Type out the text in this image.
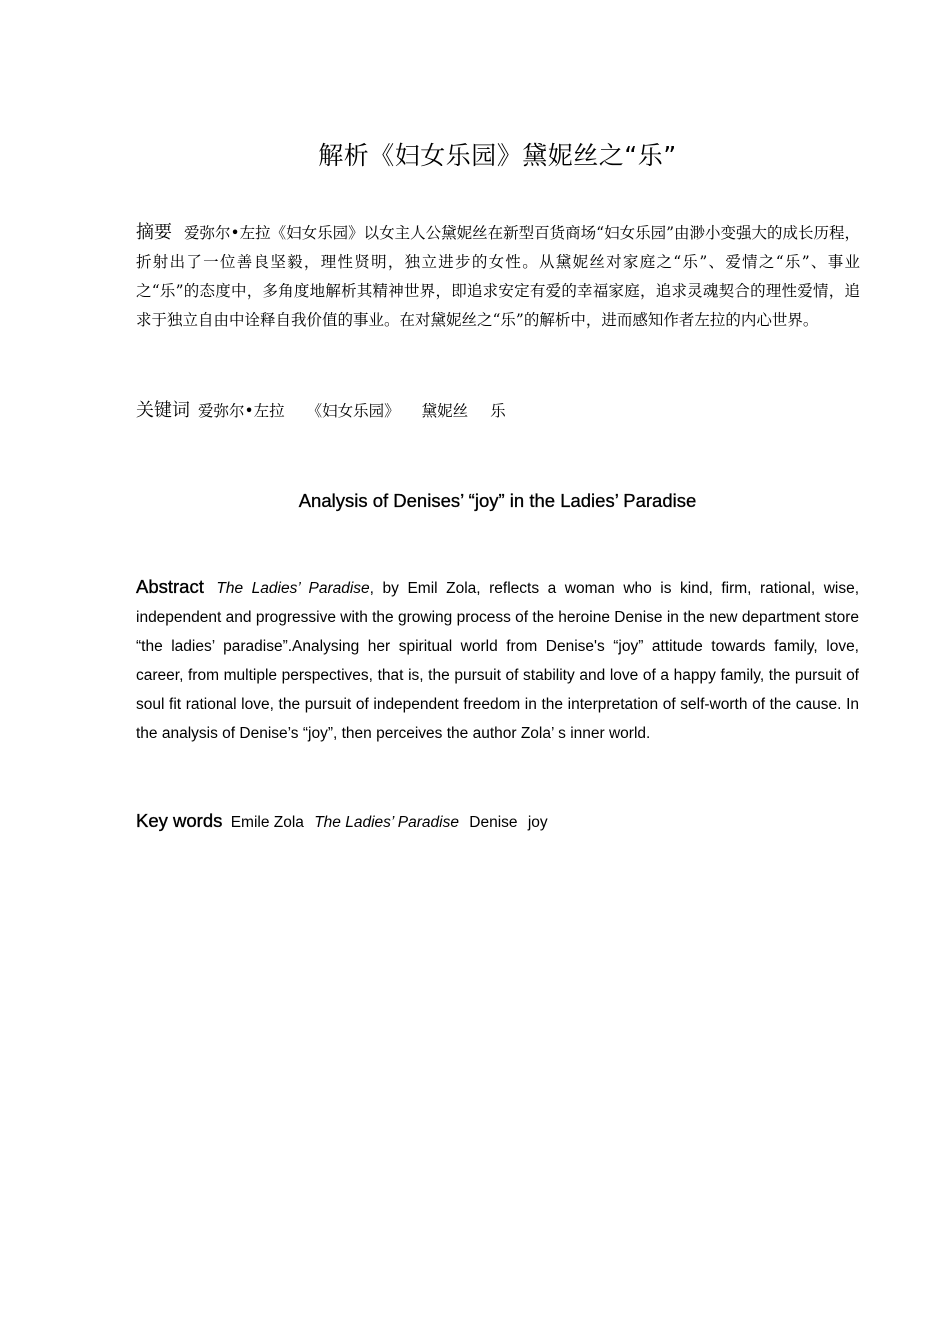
解析《妇女乐园》黛妮丝之“乐”

摘要 爱弥尔•左拉《妇女乐园》以女主人公黛妮丝在新型百货商场“妇女乐园”由渺小变强大的成长历程，折射出了一位善良坚毅，理性贤明，独立进步的女性。从黛妮丝对家庭之“乐”、爱情之“乐”、事业之“乐”的态度中，多角度地解析其精神世界，即追求安定有爱的幸福家庭，追求灵魂契合的理性爱情，追求于独立自由中诠释自我价值的事业。在对黛妮丝之“乐”的解析中，进而感知作者左拉的内心世界。

关键词 爱弥尔•左拉 《妇女乐园》 黛妮丝 乐

Analysis of Denises’ “joy” in the Ladies’ Paradise

Abstract The Ladies’ Paradise, by Emil Zola, reflects a woman who is kind, firm, rational, wise, independent and progressive with the growing process of the heroine Denise in the new department store “the ladies’ paradise”.Analysing her spiritual world from Denise's “joy” attitude towards family, love, career, from multiple perspectives, that is, the pursuit of stability and love of a happy family, the pursuit of soul fit rational love, the pursuit of independent freedom in the interpretation of self-worth of the cause. In the analysis of Denise’s “joy”, then perceives the author Zola’ s inner world.

Key words Emile Zola The Ladies’ Paradise Denise joy
